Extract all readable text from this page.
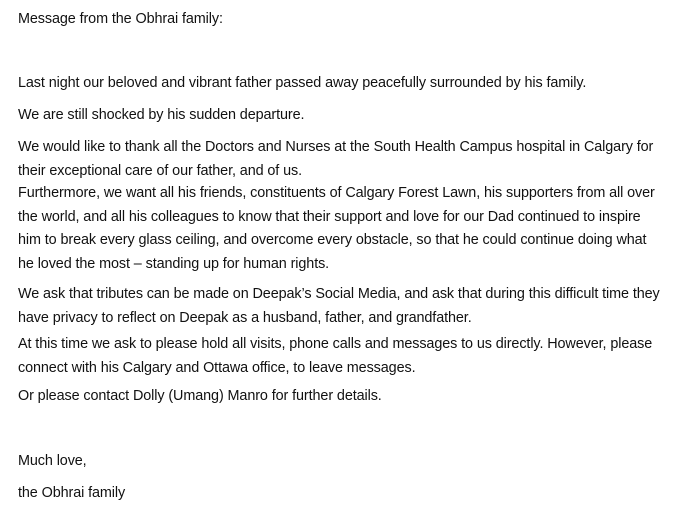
Message from the Obhrai family:

Last night our beloved and vibrant father passed away peacefully surrounded by his family.

We are still shocked by his sudden departure.

We would like to thank all the Doctors and Nurses at the South Health Campus hospital in Calgary for their exceptional care of our father, and of us.

Furthermore, we want all his friends, constituents of Calgary Forest Lawn, his supporters from all over the world, and all his colleagues to know that their support and love for our Dad continued to inspire him to break every glass ceiling, and overcome every obstacle, so that he could continue doing what he loved the most – standing up for human rights.

We ask that tributes can be made on Deepak’s Social Media, and ask that during this difficult time they have privacy to reflect on Deepak as a husband, father, and grandfather.

At this time we ask to please hold all visits, phone calls and messages to us directly. However, please connect with his Calgary and Ottawa office, to leave messages.

Or please contact Dolly (Umang) Manro for further details.

Much love,

the Obhrai family
